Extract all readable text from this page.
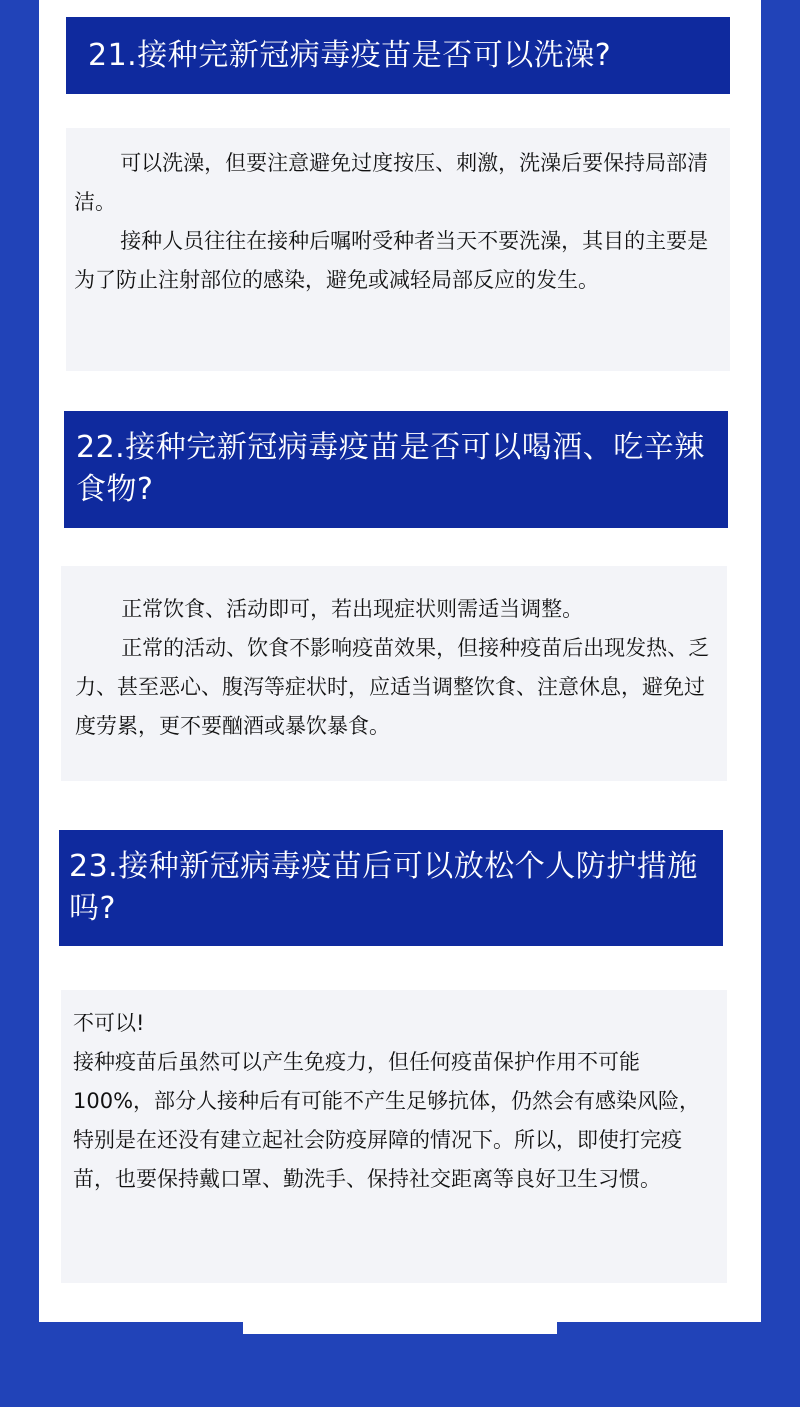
21.接种完新冠病毒疫苗是否可以洗澡?

可以洗澡，但要注意避免过度按压、刺激，洗澡后要保持局部清洁。

接种人员往往在接种后嘱咐受种者当天不要洗澡，其目的主要是为了防止注射部位的感染，避免或减轻局部反应的发生。

22.接种完新冠病毒疫苗是否可以喝酒、吃辛辣食物?

正常饮食、活动即可，若出现症状则需适当调整。

正常的活动、饮食不影响疫苗效果，但接种疫苗后出现发热、乏力、甚至恶心、腹泻等症状时，应适当调整饮食、注意休息，避免过度劳累，更不要酗酒或暴饮暴食。

23.接种新冠病毒疫苗后可以放松个人防护措施吗?

不可以!

接种疫苗后虽然可以产生免疫力，但任何疫苗保护作用不可能100%，部分人接种后有可能不产生足够抗体，仍然会有感染风险，特别是在还没有建立起社会防疫屏障的情况下。所以，即使打完疫苗，也要保持戴口罩、勤洗手、保持社交距离等良好卫生习惯。
